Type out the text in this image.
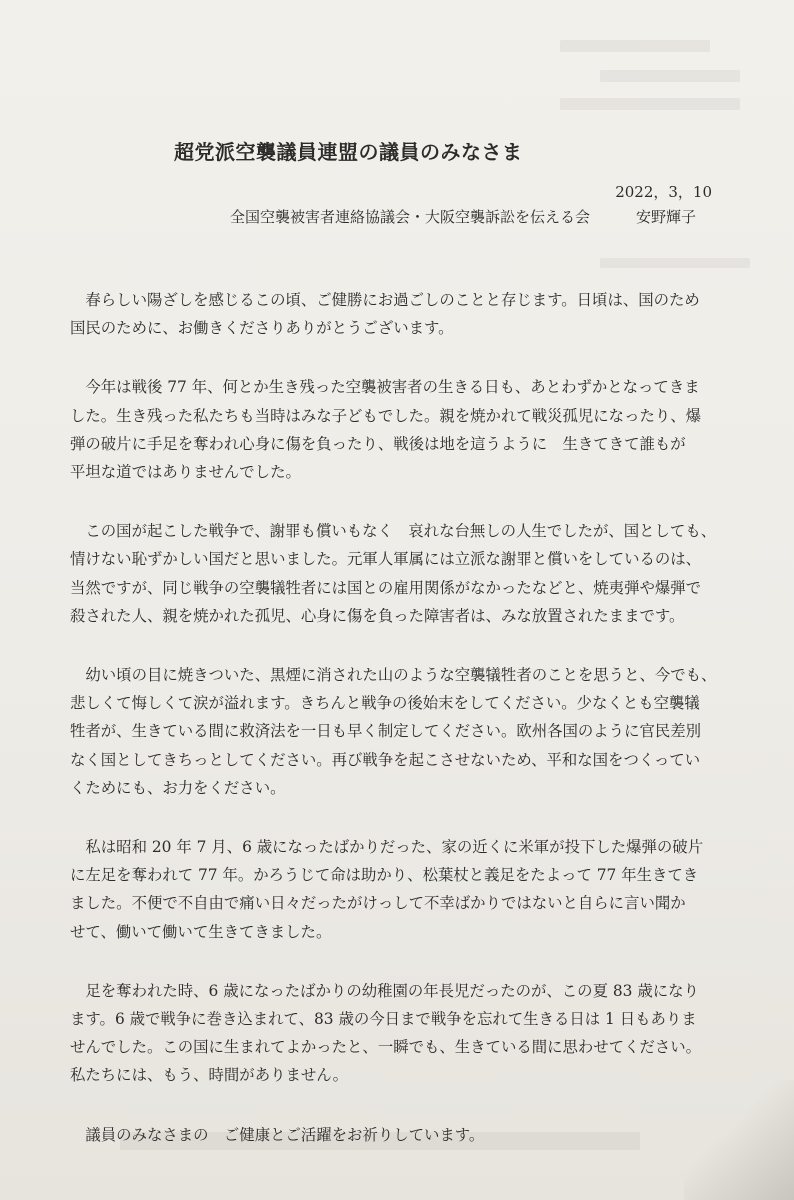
超党派空襲議員連盟の議員のみなさま
2022，3，10
全国空襲被害者連絡協議会・大阪空襲訴訟を伝える会	安野輝子

　春らしい陽ざしを感じるこの頃、ご健勝にお過ごしのことと存じます。日頃は、国のため
国民のために、お働きくださりありがとうございます。

　今年は戦後 77 年、何とか生き残った空襲被害者の生きる日も、あとわずかとなってきま
した。生き残った私たちも当時はみな子どもでした。親を焼かれて戦災孤児になったり、爆
弾の破片に手足を奪われ心身に傷を負ったり、戦後は地を這うように　生きてきて誰もが
平坦な道ではありませんでした。

　この国が起こした戦争で、謝罪も償いもなく　哀れな台無しの人生でしたが、国としても、
情けない恥ずかしい国だと思いました。元軍人軍属には立派な謝罪と償いをしているのは、
当然ですが、同じ戦争の空襲犠牲者には国との雇用関係がなかったなどと、焼夷弾や爆弾で
殺された人、親を焼かれた孤児、心身に傷を負った障害者は、みな放置されたままです。

　幼い頃の目に焼きついた、黒煙に消された山のような空襲犠牲者のことを思うと、今でも、
悲しくて悔しくて涙が溢れます。きちんと戦争の後始末をしてください。少なくとも空襲犠
牲者が、生きている間に救済法を一日も早く制定してください。欧州各国のように官民差別
なく国としてきちっとしてください。再び戦争を起こさせないため、平和な国をつくってい
くためにも、お力をください。

　私は昭和 20 年 7 月、6 歳になったばかりだった、家の近くに米軍が投下した爆弾の破片
に左足を奪われて 77 年。かろうじて命は助かり、松葉杖と義足をたよって 77 年生きてき
ました。不便で不自由で痛い日々だったがけっして不幸ばかりではないと自らに言い聞か
せて、働いて働いて生きてきました。

　足を奪われた時、6 歳になったばかりの幼稚園の年長児だったのが、この夏 83 歳になり
ます。6 歳で戦争に巻き込まれて、83 歳の今日まで戦争を忘れて生きる日は 1 日もありま
せんでした。この国に生まれてよかったと、一瞬でも、生きている間に思わせてください。
私たちには、もう、時間がありません。

　議員のみなさまの　ご健康とご活躍をお祈りしています。
